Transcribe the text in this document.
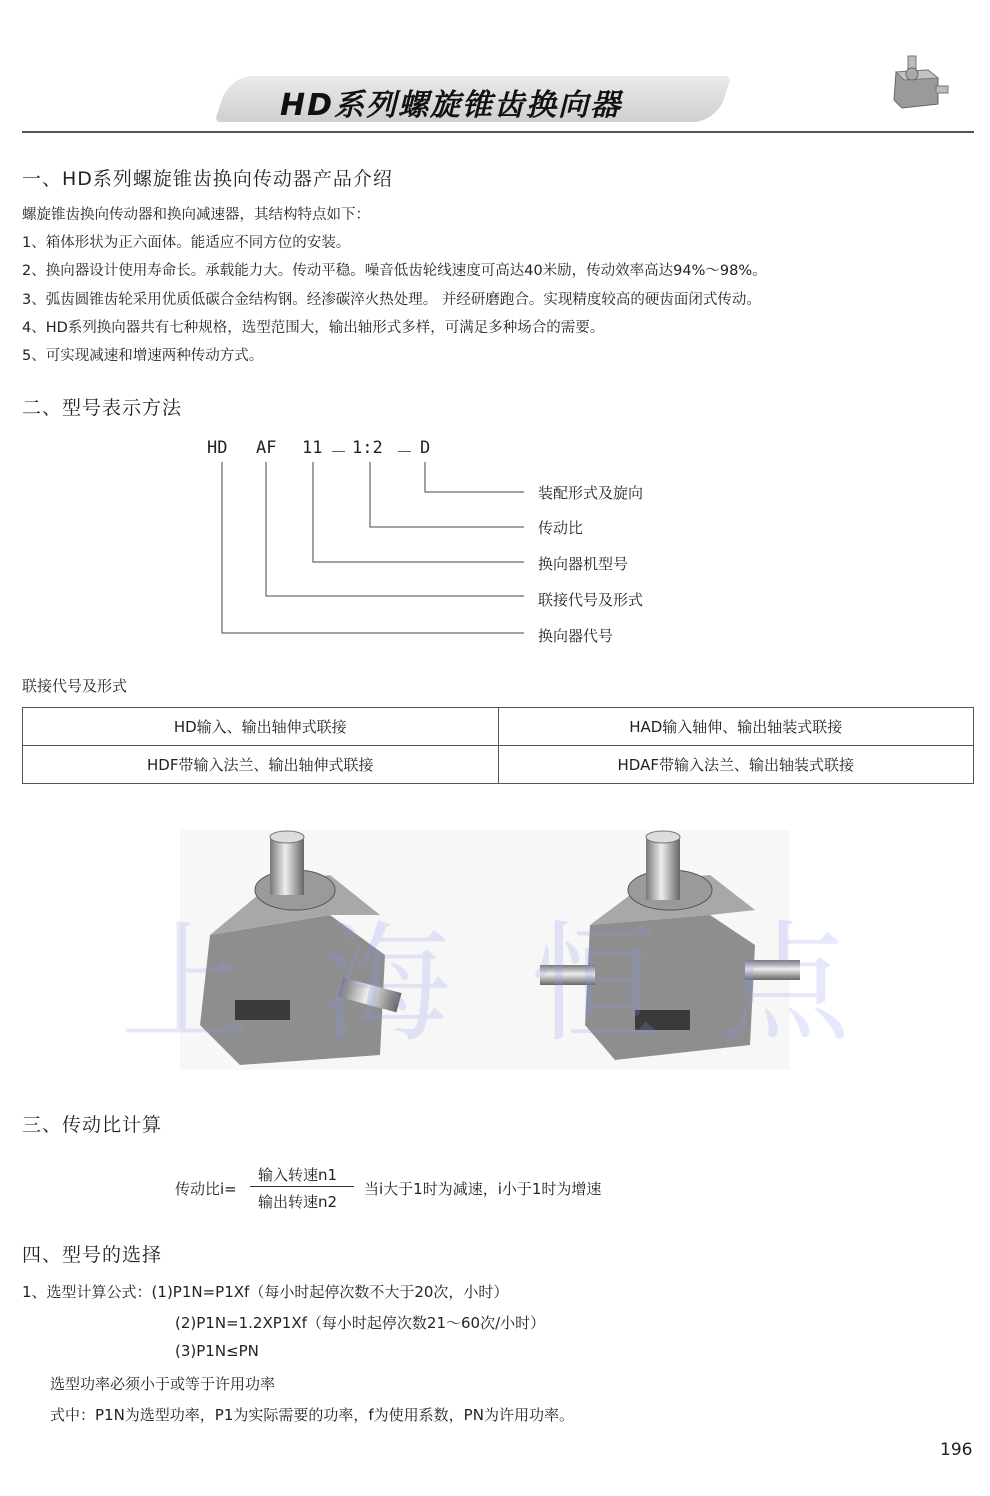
HD系列螺旋锥齿换向器
一、HD系列螺旋锥齿换向传动器产品介绍
螺旋锥齿换向传动器和换向减速器，其结构特点如下：
1、箱体形状为正六面体。能适应不同方位的安装。
2、换向器设计使用寿命长。承载能力大。传动平稳。噪音低齿轮线速度可高达40米励，传动效率高达94%～98%。
3、弧齿圆锥齿轮采用优质低碳合金结构钢。经渗碳淬火热处理。 并经研磨跑合。实现精度较高的硬齿面闭式传动。
4、HD系列换向器共有七种规格，选型范围大，输出轴形式多样，可满足多种场合的需要。
5、可实现减速和增速两种传动方式。
二、型号表示方法
HD AF 11 － 1:2 － D
装配形式及旋向
传动比
换向器机型号
联接代号及形式
换向器代号
联接代号及形式
HD输入、输出轴伸式联接	HAD输入轴伸、输出轴装式联接
HDF带输入法兰、输出轴伸式联接	HDAF带输入法兰、输出轴装式联接
上 海 恒 点
三、传动比计算
传动比i=
输入转速n1
输出转速n2
当i大于1时为减速，i小于1时为增速
四、型号的选择
1、选型计算公式：(1)P1N=P1Xf（每小时起停次数不大于20次，小时）
(2)P1N=1.2XP1Xf（每小时起停次数21～60次/小时）
(3)P1N≤PN
选型功率必须小于或等于许用功率
式中：P1N为选型功率，P1为实际需要的功率，f为使用系数，PN为许用功率。
196
